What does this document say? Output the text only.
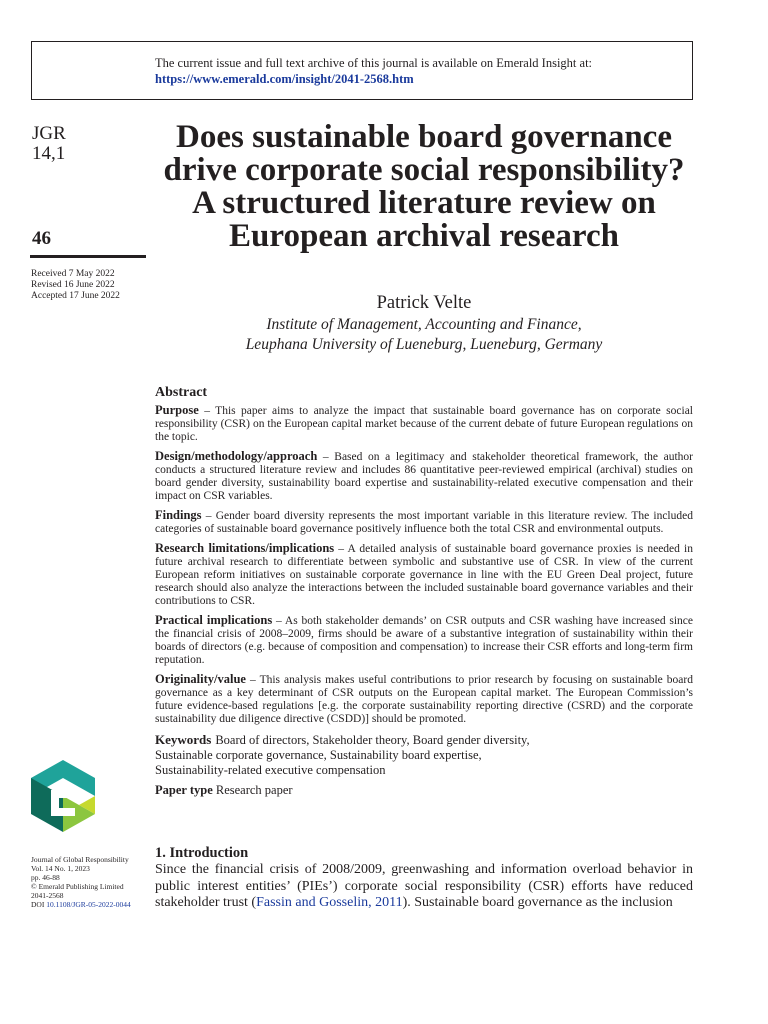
The current issue and full text archive of this journal is available on Emerald Insight at:
https://www.emerald.com/insight/2041-2568.htm
JGR
14,1
46
Received 7 May 2022
Revised 16 June 2022
Accepted 17 June 2022
Does sustainable board governance drive corporate social responsibility? A structured literature review on European archival research
Patrick Velte
Institute of Management, Accounting and Finance,
Leuphana University of Lueneburg, Lueneburg, Germany
Abstract

Purpose – This paper aims to analyze the impact that sustainable board governance has on corporate social responsibility (CSR) on the European capital market because of the current debate of future European regulations on the topic.

Design/methodology/approach – Based on a legitimacy and stakeholder theoretical framework, the author conducts a structured literature review and includes 86 quantitative peer-reviewed empirical (archival) studies on board gender diversity, sustainability board expertise and sustainability-related executive compensation and their impact on CSR variables.

Findings – Gender board diversity represents the most important variable in this literature review. The included categories of sustainable board governance positively influence both the total CSR and environmental outputs.

Research limitations/implications – A detailed analysis of sustainable board governance proxies is needed in future archival research to differentiate between symbolic and substantive use of CSR. In view of the current European reform initiatives on sustainable corporate governance in line with the EU Green Deal project, future research should also analyze the interactions between the included sustainable board governance variables and their contributions to CSR.

Practical implications – As both stakeholder demands’ on CSR outputs and CSR washing have increased since the financial crisis of 2008–2009, firms should be aware of a substantive integration of sustainability within their boards of directors (e.g. because of composition and compensation) to increase their CSR efforts and long-term firm reputation.

Originality/value – This analysis makes useful contributions to prior research by focusing on sustainable board governance as a key determinant of CSR outputs on the European capital market. The European Commission’s future evidence-based regulations [e.g. the corporate sustainability reporting directive (CSRD) and the corporate sustainability due diligence directive (CSDD)] should be promoted.

Keywords Board of directors, Stakeholder theory, Board gender diversity,
Sustainable corporate governance, Sustainability board expertise,
Sustainability-related executive compensation
Paper type Research paper
Journal of Global Responsibility
Vol. 14 No. 1, 2023
pp. 46-88
© Emerald Publishing Limited
2041-2568
DOI 10.1108/JGR-05-2022-0044
1. Introduction
Since the financial crisis of 2008/2009, greenwashing and information overload behavior in public interest entities’ (PIEs’) corporate social responsibility (CSR) efforts have reduced stakeholder trust (Fassin and Gosselin, 2011). Sustainable board governance as the inclusion
